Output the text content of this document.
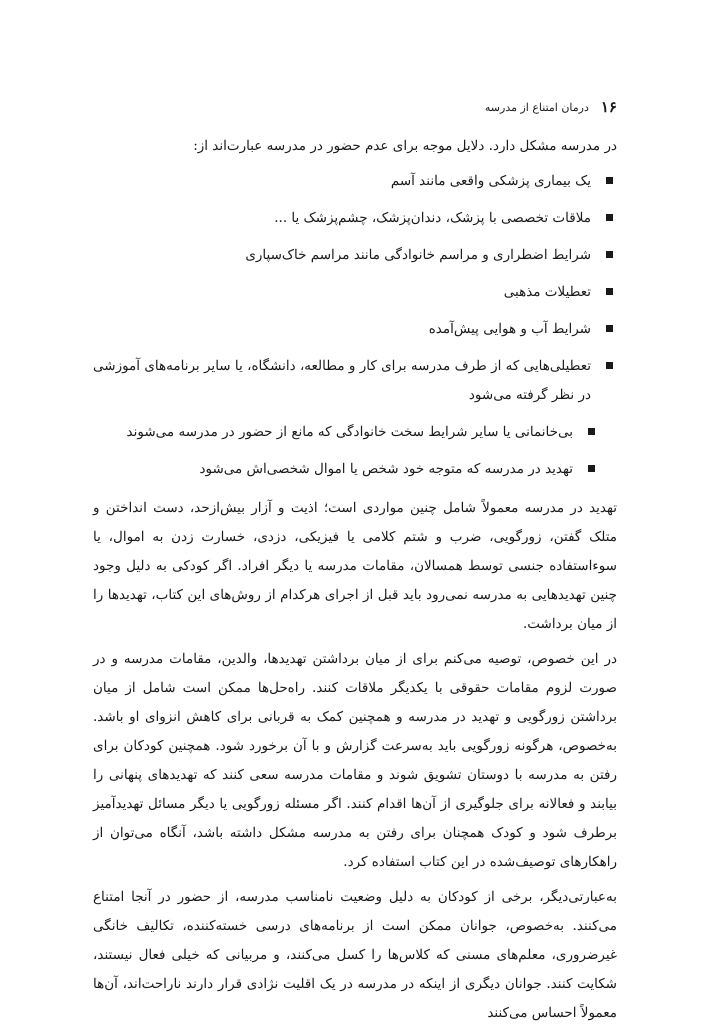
۱۶
درمان امتناع از مدرسه

در مدرسه مشکل دارد. دلایل موجه برای عدم حضور در مدرسه عبارت‌اند از:

یک بیماری پزشکی واقعی مانند آسم
ملاقات تخصصی با پزشک، دندان‌پزشک، چشم‌پزشک یا ...
شرایط اضطراری و مراسم خانوادگی مانند مراسم خاک‌سپاری
تعطیلات مذهبی
شرایط آب و هوایی پیش‌آمده
تعطیلی‌هایی که از طرف مدرسه برای کار و مطالعه، دانشگاه، یا سایر برنامه‌های آموزشی در نظر گرفته می‌شود
بی‌خانمانی یا سایر شرایط سخت خانوادگی که مانع از حضور در مدرسه می‌شوند
تهدید در مدرسه که متوجه خود شخص یا اموال شخصی‌اش می‌شود

تهدید در مدرسه معمولاً شامل چنین مواردی است؛ اذیت و آزار بیش‌ازحد، دست انداختن و متلک گفتن، زورگویی، ضرب و شتم کلامی یا فیزیکی، دزدی، خسارت زدن به اموال، یا سوءاستفاده جنسی توسط همسالان، مقامات مدرسه یا دیگر افراد. اگر کودکی به دلیل وجود چنین تهدیدهایی به مدرسه نمی‌رود باید قبل از اجرای هرکدام از روش‌های این کتاب، تهدیدها را از میان برداشت.

در این خصوص، توصیه می‌کنم برای از میان برداشتن تهدیدها، والدین، مقامات مدرسه و در صورت لزوم مقامات حقوقی با یکدیگر ملاقات کنند. راه‌حل‌ها ممکن است شامل از میان برداشتن زورگویی و تهدید در مدرسه و همچنین کمک به قربانی برای کاهش انزوای او باشد. به‌خصوص، هرگونه زورگویی باید به‌سرعت گزارش و با آن برخورد شود. همچنین کودکان برای رفتن به مدرسه با دوستان تشویق شوند و مقامات مدرسه سعی کنند که تهدیدهای پنهانی را بیابند و فعالانه برای جلوگیری از آن‌ها اقدام کنند. اگر مسئله زورگویی یا دیگر مسائل تهدیدآمیز برطرف شود و کودک همچنان برای رفتن به مدرسه مشکل داشته باشد، آنگاه می‌توان از راهکارهای توصیف‌شده در این کتاب استفاده کرد.

به‌عبارتی‌دیگر، برخی از کودکان به دلیل وضعیت نامناسب مدرسه، از حضور در آنجا امتناع می‌کنند. به‌خصوص، جوانان ممکن است از برنامه‌های درسی خسته‌کننده، تکالیف خانگی غیرضروری، معلم‌های مسنی که کلاس‌ها را کسل می‌کنند، و مربیانی که خیلی فعال نیستند، شکایت کنند. جوانان دیگری از اینکه در مدرسه در یک اقلیت نژادی قرار دارند ناراحت‌اند، آن‌ها معمولاً احساس می‌کنند
